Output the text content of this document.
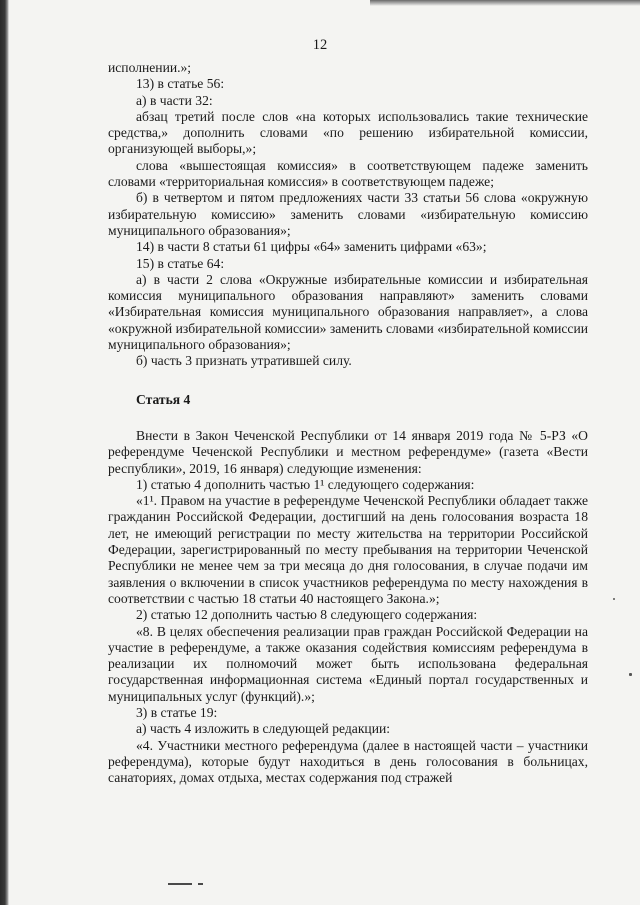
12

исполнении.»;

13) в статье 56:

а) в части 32:

абзац третий после слов «на которых использовались такие технические средства,» дополнить словами «по решению избирательной комиссии, организующей выборы,»;

слова «вышестоящая комиссия» в соответствующем падеже заменить словами «территориальная комиссия» в соответствующем падеже;

б) в четвертом и пятом предложениях части 33 статьи 56 слова «окружную избирательную комиссию» заменить словами «избирательную комиссию муниципального образования»;

14) в части 8 статьи 61 цифры «64» заменить цифрами «63»;

15) в статье 64:

а) в части 2 слова «Окружные избирательные комиссии и избирательная комиссия муниципального образования направляют» заменить словами «Избирательная комиссия муниципального образования направляет», а слова «окружной избирательной комиссии» заменить словами «избирательной комиссии муниципального образования»;

б) часть 3 признать утратившей силу.

Статья 4

Внести в Закон Чеченской Республики от 14 января 2019 года № 5-РЗ «О референдуме Чеченской Республики и местном референдуме» (газета «Вести республики», 2019, 16 января) следующие изменения:

1) статью 4 дополнить частью 1¹ следующего содержания:

«1¹. Правом на участие в референдуме Чеченской Республики обладает также гражданин Российской Федерации, достигший на день голосования возраста 18 лет, не имеющий регистрации по месту жительства на территории Российской Федерации, зарегистрированный по месту пребывания на территории Чеченской Республики не менее чем за три месяца до дня голосования, в случае подачи им заявления о включении в список участников референдума по месту нахождения в соответствии с частью 18 статьи 40 настоящего Закона.»;

2) статью 12 дополнить частью 8 следующего содержания:

«8. В целях обеспечения реализации прав граждан Российской Федерации на участие в референдуме, а также оказания содействия комиссиям референдума в реализации их полномочий может быть использована федеральная государственная информационная система «Единый портал государственных и муниципальных услуг (функций).»;

3) в статье 19:

а) часть 4 изложить в следующей редакции:

«4. Участники местного референдума (далее в настоящей части – участники референдума), которые будут находиться в день голосования в больницах, санаториях, домах отдыха, местах содержания под стражей
